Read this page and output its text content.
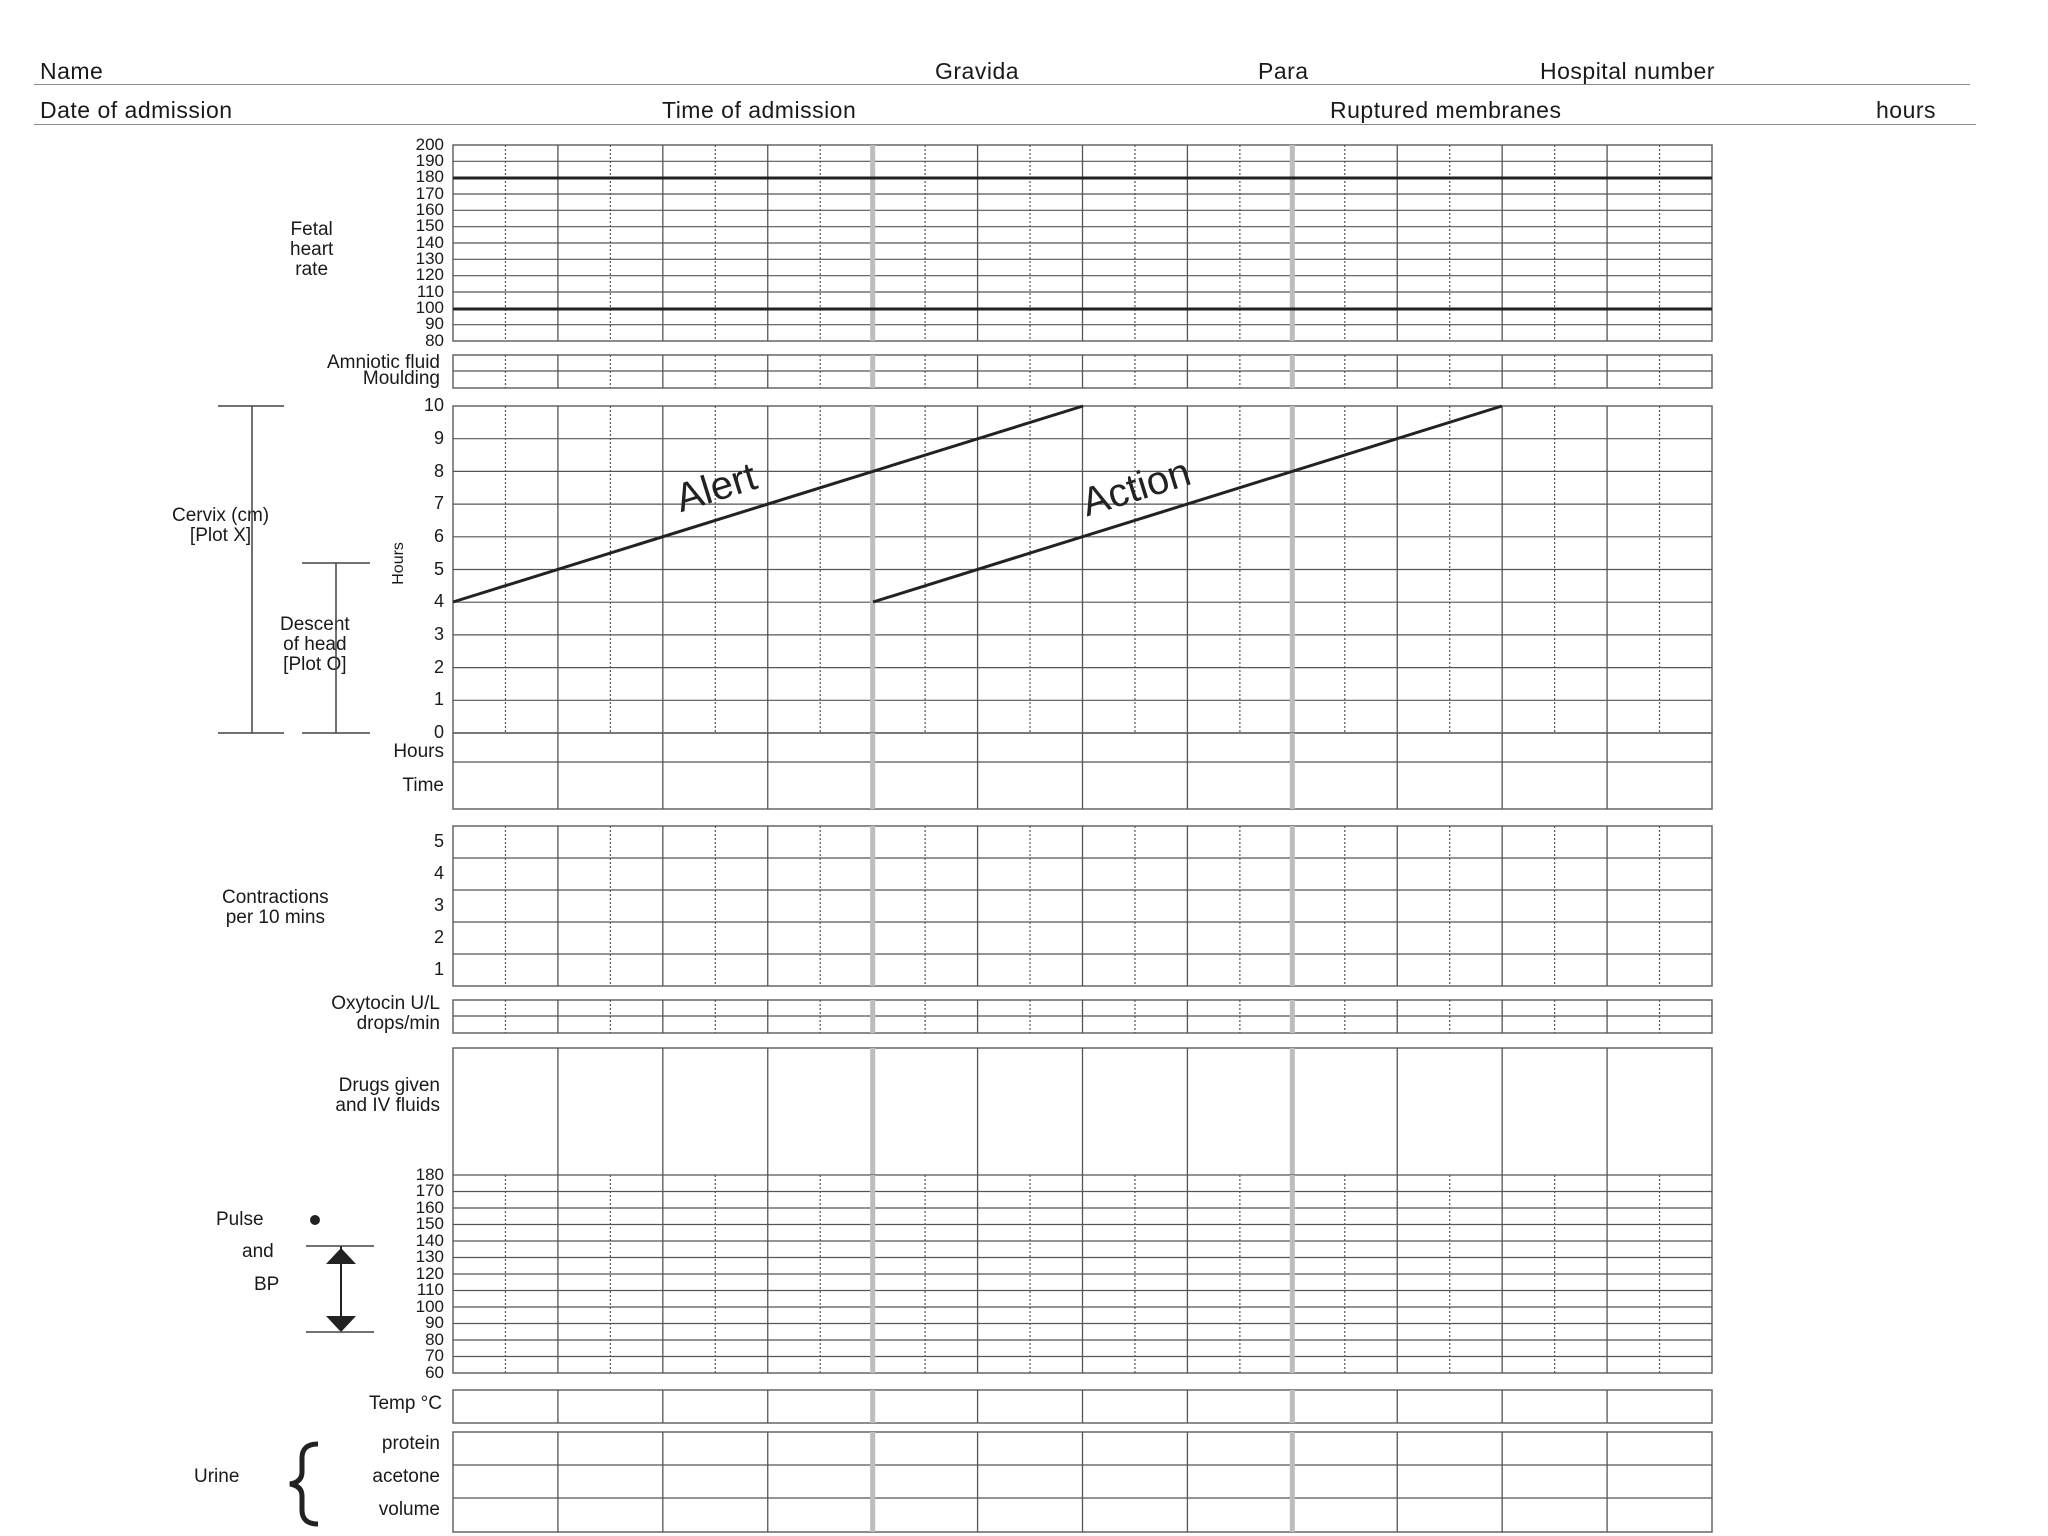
Name	Gravida	Para	Hospital number
Date of admission	Time of admission	Ruptured membranes	hours
Fetal
heart
rate
Amniotic fluid
Moulding
Cervix (cm)
[Plot X]
Descent
of head
[Plot O]
Hours
Hours
Time
Contractions
per 10 mins
Oxytocin U/L
drops/min
Drugs given
and IV fluids
Pulse
and
BP
Temp °C
Urine
protein
acetone
volume
200
190
180
170
160
150
140
130
120
110
100
90
80
10
9
8
7
6
5
4
3
2
1
0
5
4
3
2
1
180
170
160
150
140
130
120
110
100
90
80
70
60
Alert	Action
